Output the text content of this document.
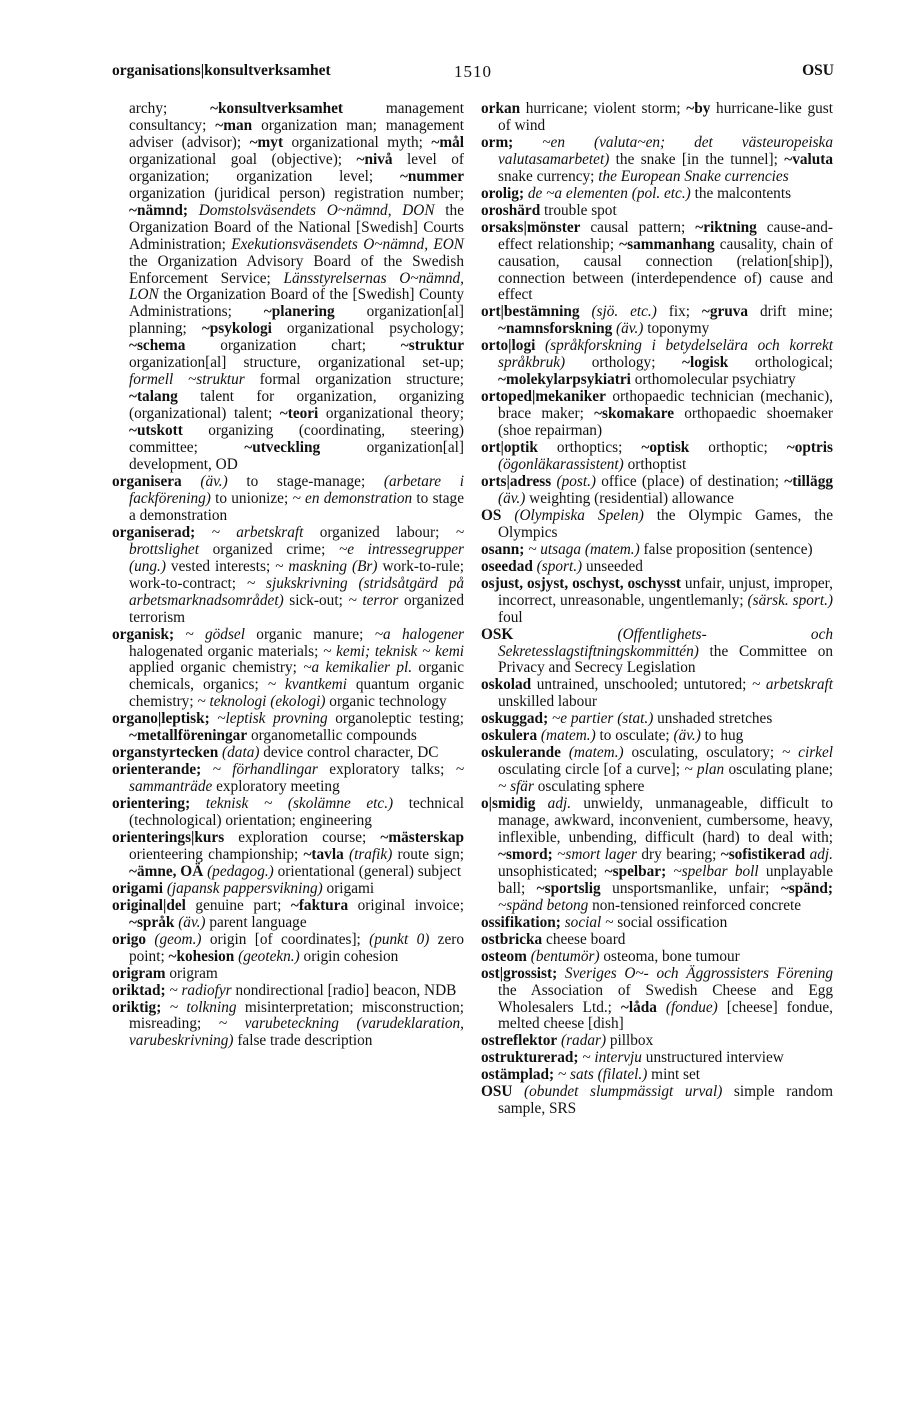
organisations|konsultverksamhet	1510	OSU

archy; ~konsultverksamhet management consultancy; ~man organization man; management adviser (advisor); ~myt organizational myth; ~mål organizational goal (objective); ~nivå level of organization; organization level; ~nummer organization (juridical person) registration number; ~nämnd; Domstolsväsendets O~nämnd, DON the Organization Board of the National [Swedish] Courts Administration; Exekutionsväsendets O~nämnd, EON the Organization Advisory Board of the Swedish Enforcement Service; Länsstyrelsernas O~nämnd, LON the Organization Board of the [Swedish] County Administrations; ~planering organization[al] planning; ~psykologi organizational psychology; ~schema organization chart; ~struktur organization[al] structure, organizational set-up; formell ~struktur formal organization structure; ~talang talent for organization, organizing (organizational) talent; ~teori organizational theory; ~utskott organizing (coordinating, steering) committee; ~utveckling organization[al] development, OD

organisera (äv.) to stage-manage; (arbetare i fackförening) to unionize; ~ en demonstration to stage a demonstration

organiserad; ~ arbetskraft organized labour; ~ brottslighet organized crime; ~e intressegrupper (ung.) vested interests; ~ maskning (Br) work-to-rule; work-to-contract; ~ sjukskrivning (stridsåtgärd på arbetsmarknadsområdet) sick-out; ~ terror organized terrorism

organisk; ~ gödsel organic manure; ~a halogener halogenated organic materials; ~ kemi; teknisk ~ kemi applied organic chemistry; ~a kemikalier pl. organic chemicals, organics; ~ kvantkemi quantum organic chemistry; ~ teknologi (ekologi) organic technology

organo|leptisk; ~leptisk provning organoleptic testing; ~metallföreningar organometallic compounds

organstyrtecken (data) device control character, DC

orienterande; ~ förhandlingar exploratory talks; ~ sammanträde exploratory meeting

orientering; teknisk ~ (skolämne etc.) technical (technological) orientation; engineering

orienterings|kurs exploration course; ~mästerskap orienteering championship; ~tavla (trafik) route sign; ~ämne, OÄ (pedagog.) orientational (general) subject

origami (japansk pappersvikning) origami

original|del genuine part; ~faktura original invoice; ~språk (äv.) parent language

origo (geom.) origin [of coordinates]; (punkt 0) zero point; ~kohesion (geotekn.) origin cohesion

origram origram

oriktad; ~ radiofyr nondirectional [radio] beacon, NDB

oriktig; ~ tolkning misinterpretation; misconstruction; misreading; ~ varubeteckning (varudeklaration, varubeskrivning) false trade description

orkan hurricane; violent storm; ~by hurricane-like gust of wind

orm; ~en (valuta~en; det västeuropeiska valutasamarbetet) the snake [in the tunnel]; ~valuta snake currency; the European Snake currencies

orolig; de ~a elementen (pol. etc.) the malcontents

oroshärd trouble spot

orsaks|mönster causal pattern; ~riktning cause-and-effect relationship; ~sammanhang causality, chain of causation, causal connection (relation[ship]), connection between (interdependence of) cause and effect

ort|bestämning (sjö. etc.) fix; ~gruva drift mine; ~namnsforskning (äv.) toponymy

orto|logi (språkforskning i betydelselära och korrekt språkbruk) orthology; ~logisk orthological; ~molekylarpsykiatri orthomolecular psychiatry

ortoped|mekaniker orthopaedic technician (mechanic), brace maker; ~skomakare orthopaedic shoemaker (shoe repairman)

ort|optik orthoptics; ~optisk orthoptic; ~optris (ögonläkarassistent) orthoptist

orts|adress (post.) office (place) of destination; ~tillägg (äv.) weighting (residential) allowance

OS (Olympiska Spelen) the Olympic Games, the Olympics

osann; ~ utsaga (matem.) false proposition (sentence)

oseedad (sport.) unseeded

osjust, osjyst, oschyst, oschysst unfair, unjust, improper, incorrect, unreasonable, ungentlemanly; (särsk. sport.) foul

OSK	(Offentlighets- och Sekretesslagstiftningskommittén) the Committee on Privacy and Secrecy Legislation

oskolad untrained, unschooled; untutored; ~ arbetskraft unskilled labour

oskuggad; ~e partier (stat.) unshaded stretches

oskulera (matem.) to osculate; (äv.) to hug

oskulerande (matem.) osculating, osculatory; ~ cirkel osculating circle [of a curve]; ~ plan osculating plane; ~ sfär osculating sphere

o|smidig adj. unwieldy, unmanageable, difficult to manage, awkward, inconvenient, cumbersome, heavy, inflexible, unbending, difficult (hard) to deal with; ~smord; ~smort lager dry bearing; ~sofistikerad adj. unsophisticated; ~spelbar; ~spelbar boll unplayable ball; ~sportslig unsportsmanlike, unfair; ~spänd; ~spänd betong non-tensioned reinforced concrete

ossifikation; social ~ social ossification

ostbricka cheese board

osteom (bentumör) osteoma, bone tumour

ost|grossist; Sveriges O~- och Äggrossisters Förening the Association of Swedish Cheese and Egg Wholesalers Ltd.; ~låda (fondue) [cheese] fondue, melted cheese [dish]

ostreflektor (radar) pillbox

ostrukturerad; ~ intervju unstructured interview

ostämplad; ~ sats (filatel.) mint set

OSU (obundet slumpmässigt urval) simple random sample, SRS
